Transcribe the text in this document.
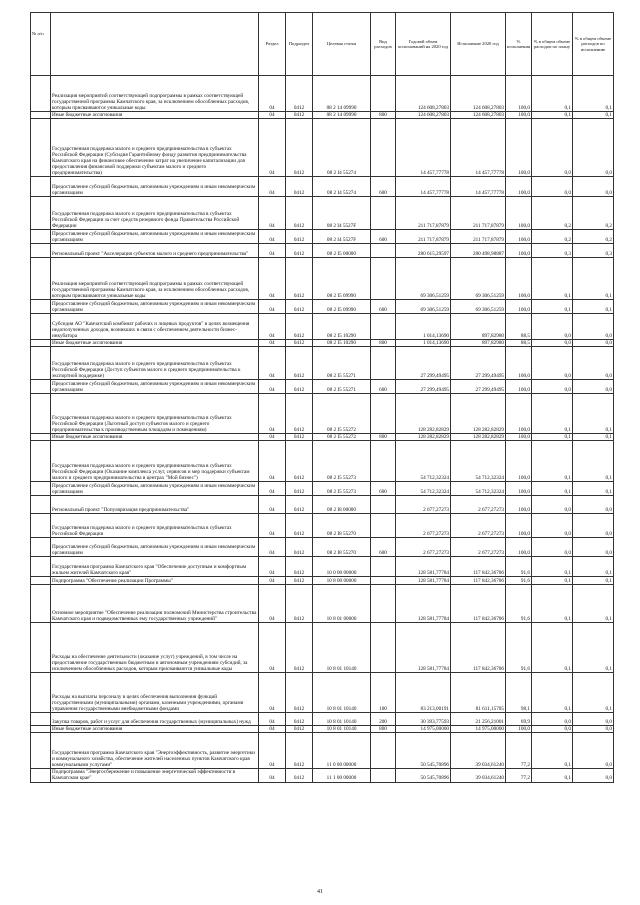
№ п/п		Раздел	Подраздел	Целевая статья	Вид расходов	Годовой объем ассигнований на 2020 год	Исполнение 2020 год	% исполнения	% в общем объеме расходов по плану	% в общем объеме расходов по исполнению
	Реализация мероприятий соответствующей подпрограммы в рамках соответствующей государственной программы Камчатского края, за исключением обособленных расходов, которым присваиваются уникальные коды	04	0412	08 2 14 09990		124 608,27803	124 608,27803	100,0	0,1	0,1
	Иные бюджетные ассигнования	04	0412	08 2 14 09990	800	124 608,27803	124 608,27803	100,0	0,1	0,1
	Государственная поддержка малого и среднего предпринимательства в субъектах Российской Федерации (Субсидия Гарантийному фонду развития предпринимательства Камчатского края на финансовое обеспечение затрат на увеличение капитализации для предоставления финансовой поддержки субъектам малого и среднего предпринимательства)	04	0412	08 2 I4 55274		14 457,77778	14 457,77778	100,0	0,0	0,0
	Предоставление субсидий бюджетным, автономным учреждениям и иным некоммерческим организациям	04	0412	08 2 I4 55274	600	14 457,77778	14 457,77778	100,0	0,0	0,0
	Государственная поддержка малого и среднего предпринимательства в субъектах Российской Федерации за счет средств резервного фонда Правительства Российской Федерации	04	0412	08 2 I4 5527F		211 717,87879	211 717,87879	100,0	0,2	0,2
	Предоставление субсидий бюджетным, автономным учреждениям и иным некоммерческим организациям	04	0412	08 2 I4 5527F	600	211 717,87879	211 717,87879	100,0	0,2	0,2
	Региональный проект "Акселерация субъектов малого и среднего предпринимательства"	04	0412	08 2 I5 00000		280 615,29597	280 498,98887	100,0	0,3	0,3
	Реализация мероприятий соответствующей подпрограммы в рамках соответствующей государственной программы Камчатского края, за исключением обособленных расходов, которым присваиваются уникальные коды	04	0412	08 2 I5 09990		69 306,51259	69 306,51259	100,0	0,1	0,1
	Предоставление субсидий бюджетным, автономным учреждениям и иным некоммерческим организациям	04	0412	08 2 I5 09990	600	69 306,51259	69 306,51259	100,0	0,1	0,1
	Субсидия АО "Камчатский комбинат рабочих и лицевых продуктов" в целях возмещения недополученных доходов, возникших в связи с обеспечением деятельности бизнес-инкубатора	04	0412	08 2 I5 10290		1 014,13690	897,82980	88,5	0,0	0,0
	Иные бюджетные ассигнования	04	0412	08 2 I5 10290	800	1 014,13690	897,82980	88,5	0,0	0,0
	Государственная поддержка малого и среднего предпринимательства в субъектах Российской Федерации (Доступ субъектов малого и среднего предпринимательства к экспортной поддержке)	04	0412	08 2 I5 55271		27 299,49495	27 299,49495	100,0	0,0	0,0
	Предоставление субсидий бюджетным, автономным учреждениям и иным некоммерческим организациям	04	0412	08 2 I5 55271	600	27 299,49495	27 299,49495	100,0	0,0	0,0
	Государственная поддержка малого и среднего предпринимательства в субъектах Российской Федерации (Льготный доступ субъектов малого и среднего предпринимательства к производственным площадям и помещениям)	04	0412	08 2 I5 55272		128 282,82829	128 282,82829	100,0	0,1	0,1
	Иные бюджетные ассигнования	04	0412	08 2 I5 55272	800	128 282,82829	128 282,82829	100,0	0,1	0,1
	Государственная поддержка малого и среднего предпринимательства в субъектах Российской Федерации (Оказание комплекса услуг, сервисов и мер поддержки субъектам малого и среднего предпринимательства в центрах "Мой бизнес")	04	0412	08 2 I5 55273		54 712,32324	54 712,32324	100,0	0,1	0,1
	Предоставление субсидий бюджетным, автономным учреждениям и иным некоммерческим организациям	04	0412	08 2 I5 55273	600	54 712,32324	54 712,32324	100,0	0,1	0,1
	Региональный проект "Популяризация предпринимательства"	04	0412	08 2 I8 00000		2 677,27273	2 677,27273	100,0	0,0	0,0
	Государственная поддержка малого и среднего предпринимательства в субъектах Российской Федерации	04	0412	08 2 I8 55270		2 677,27273	2 677,27273	100,0	0,0	0,0
	Предоставление субсидий бюджетным, автономным учреждениям и иным некоммерческим организациям	04	0412	08 2 I8 55270	600	2 677,27273	2 677,27273	100,0	0,0	0,0
	Государственная программа Камчатского края "Обеспечение доступным и комфортным жильем жителей Камчатского края"	04	0412	10 0 00 00000		128 581,77784	117 842,36706	91,6	0,1	0,1
	Подпрограмма "Обеспечение реализации Программы"	04	0412	10 8 00 00000		128 581,77784	117 842,36706	91,6	0,1	0,1
	Основное мероприятие "Обеспечение реализации полномочий Министерства строительства Камчатского края и подведомственных ему государственных учреждений"	04	0412	10 8 01 00000		128 581,77784	117 842,36706	91,6	0,1	0,1
	Расходы на обеспечение деятельности (оказание услуг) учреждений, в том числе на предоставление государственным бюджетным и автономным учреждениям субсидий, за исключением обособленных расходов, которым присваиваются уникальные коды	04	0412	10 8 01 10140		128 581,77784	117 842,36706	91,6	0,1	0,1
	Расходы на выплаты персоналу в целях обеспечения выполнения функций государственными (муниципальными) органами, казенными учреждениями, органами управления государственными внебюджетными фондами	04	0412	10 8 01 10140	100	83 213,00191	81 611,15705	98,1	0,1	0,1
	Закупка товаров, работ и услуг для обеспечения государственных (муниципальных) нужд	04	0412	10 8 01 10140	200	30 393,77593	21 256,21001	69,9	0,0	0,0
	Иные бюджетные ассигнования	04	0412	10 8 01 10140	800	14 975,00000	14 975,00000	100,0	0,0	0,0
	Государственная программа Камчатского края "Энергоэффективность, развитие энергетики и коммунального хозяйства, обеспечение жителей населенных пунктов Камчатского края коммунальными услугами"	04	0412	11 0 00 00000		50 545,70896	39 034,61240	77,2	0,1	0,0
	Подпрограмма "Энергосбережение и повышение энергетической эффективности в Камчатском крае"	04	0412	11 1 00 00000		50 545,70896	39 034,61240	77,2	0,1	0,0
41
